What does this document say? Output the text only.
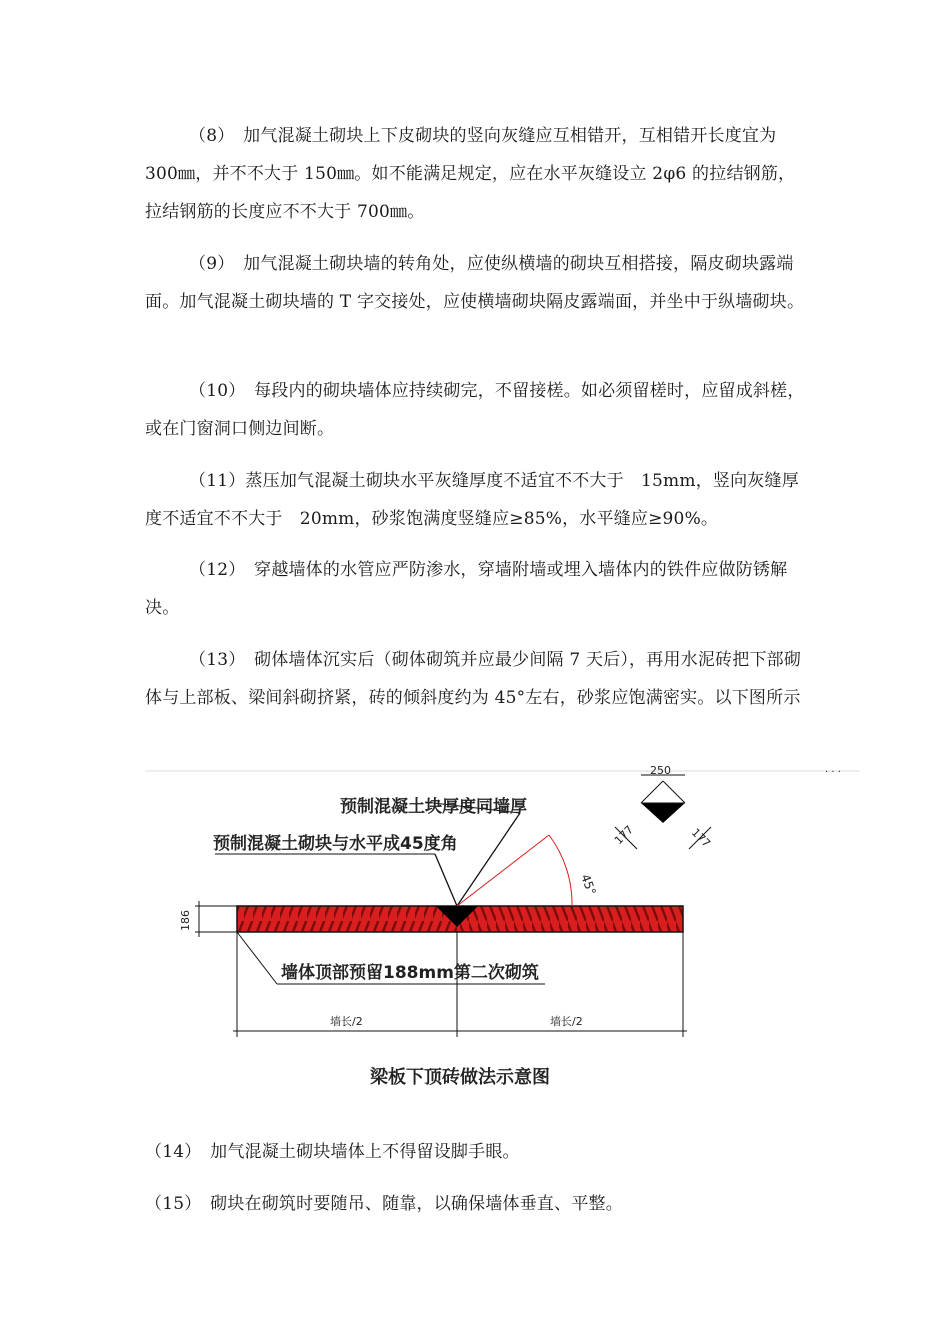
（8）　加气混凝土砌块上下皮砌块的竖向灰缝应互相错开，互相错开长度宜为 300㎜，并不不大于 150㎜。如不能满足规定，应在水平灰缝设立 2φ6 的拉结钢筋，拉结钢筋的长度应不不大于 700㎜。

（9）　加气混凝土砌块墙的转角处，应使纵横墙的砌块互相搭接，隔皮砌块露端面。加气混凝土砌块墙的 T 字交接处，应使横墙砌块隔皮露端面，并坐中于纵墙砌块。

（10）　每段内的砌块墙体应持续砌完，不留接槎。如必须留槎时，应留成斜槎，或在门窗洞口侧边间断。

（11）蒸压加气混凝土砌块水平灰缝厚度不适宜不不大于　15mm，竖向灰缝厚度不适宜不不大于　20mm，砂浆饱满度竖缝应≥85%，水平缝应≥90%。

（12）　穿越墙体的水管应严防渗水，穿墙附墙或埋入墙体内的铁件应做防锈解决。

（13）　砌体墙体沉实后（砌体砌筑并应最少间隔 7 天后），再用水泥砖把下部砌体与上部板、梁间斜砌挤紧，砖的倾斜度约为 45°左右，砂浆应饱满密实。以下图所示

45°
250
177	177
· · ·
186
墙长/2	墙长/2
预制混凝土块厚度同墙厚
预制混凝土砌块与水平成45度角
墙体顶部预留188mm第二次砌筑
梁板下顶砖做法示意图

（14）　加气混凝土砌块墙体上不得留设脚手眼。

（15）　砌块在砌筑时要随吊、随靠，以确保墙体垂直、平整。
